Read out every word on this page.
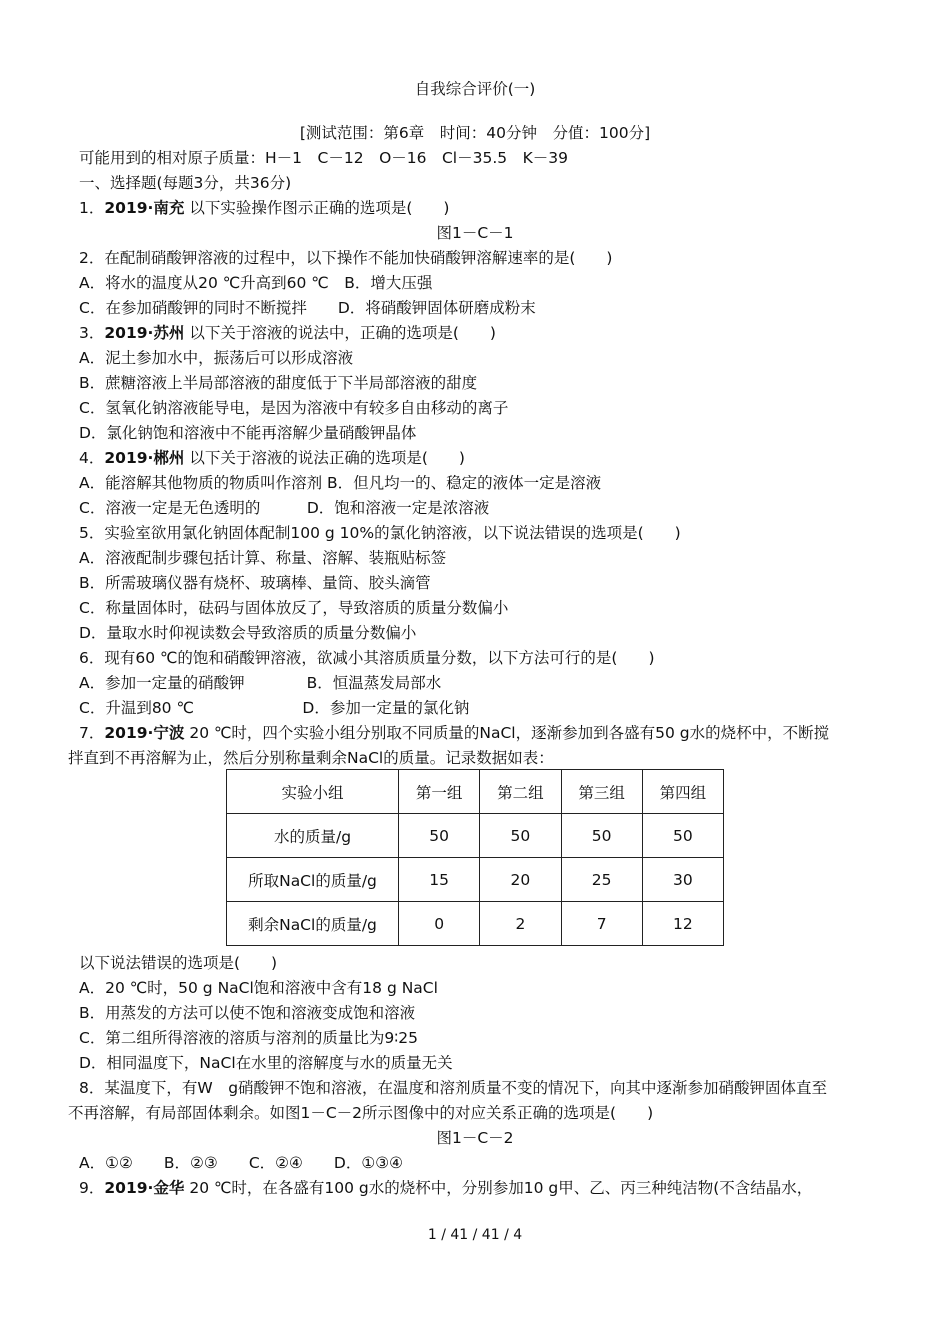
自我综合评价(一)
[测试范围：第6章　时间：40分钟　分值：100分]
可能用到的相对原子质量：H－1　C－12　O－16　Cl－35.5　K－39
一、选择题(每题3分，共36分)
1．2019·南充 以下实验操作图示正确的选项是(　　)
图1－C－1
2．在配制硝酸钾溶液的过程中，以下操作不能加快硝酸钾溶解速率的是(　　)
A．将水的温度从20 ℃升高到60 ℃　B．增大压强
C．在参加硝酸钾的同时不断搅拌　　D．将硝酸钾固体研磨成粉末
3．2019·苏州 以下关于溶液的说法中，正确的选项是(　　)
A．泥土参加水中，振荡后可以形成溶液
B．蔗糖溶液上半局部溶液的甜度低于下半局部溶液的甜度
C．氢氧化钠溶液能导电，是因为溶液中有较多自由移动的离子
D．氯化钠饱和溶液中不能再溶解少量硝酸钾晶体
4．2019·郴州 以下关于溶液的说法正确的选项是(　　)
A．能溶解其他物质的物质叫作溶剂 B．但凡均一的、稳定的液体一定是溶液
C．溶液一定是无色透明的　　　D．饱和溶液一定是浓溶液
5．实验室欲用氯化钠固体配制100 g 10%的氯化钠溶液，以下说法错误的选项是(　　)
A．溶液配制步骤包括计算、称量、溶解、装瓶贴标签
B．所需玻璃仪器有烧杯、玻璃棒、量筒、胶头滴管
C．称量固体时，砝码与固体放反了，导致溶质的质量分数偏小
D．量取水时仰视读数会导致溶质的质量分数偏小
6．现有60 ℃的饱和硝酸钾溶液，欲减小其溶质质量分数，以下方法可行的是(　　)
A．参加一定量的硝酸钾　　　　B．恒温蒸发局部水
C．升温到80 ℃　　　　　　　D．参加一定量的氯化钠
7．2019·宁波 20 ℃时，四个实验小组分别取不同质量的NaCl，逐渐参加到各盛有50 g水的烧杯中，不断搅
拌直到不再溶解为止，然后分别称量剩余NaCl的质量。记录数据如表：
实验小组	第一组	第二组	第三组	第四组
水的质量/g	50	50	50	50
所取NaCl的质量/g	15	20	25	30
剩余NaCl的质量/g	0	2	7	12
以下说法错误的选项是(　　)
A．20 ℃时，50 g NaCl饱和溶液中含有18 g NaCl
B．用蒸发的方法可以使不饱和溶液变成饱和溶液
C．第二组所得溶液的溶质与溶剂的质量比为9∶25
D．相同温度下，NaCl在水里的溶解度与水的质量无关
8．某温度下，有W　g硝酸钾不饱和溶液，在温度和溶剂质量不变的情况下，向其中逐渐参加硝酸钾固体直至
不再溶解，有局部固体剩余。如图1－C－2所示图像中的对应关系正确的选项是(　　)
图1－C－2
A．①②　　B．②③　　C．②④　　D．①③④
9．2019·金华 20 ℃时，在各盛有100 g水的烧杯中，分别参加10 g甲、乙、丙三种纯洁物(不含结晶水，
1 / 41 / 41 / 4
